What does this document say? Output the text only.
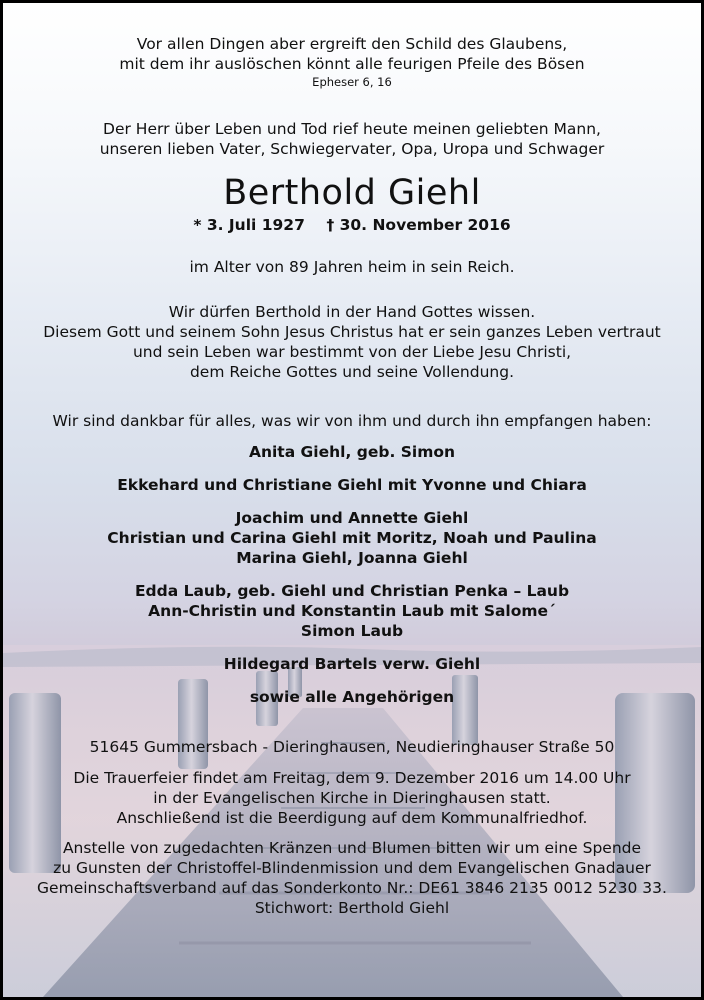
Vor allen Dingen aber ergreift den Schild des Glaubens,

mit dem ihr auslöschen könnt alle feurigen Pfeile des Bösen

Epheser 6, 16

Der Herr über Leben und Tod rief heute meinen geliebten Mann,

unseren lieben Vater, Schwiegervater, Opa, Uropa und Schwager

Berthold Giehl

* 3. Juli 1927    † 30. November 2016

im Alter von 89 Jahren heim in sein Reich.

Wir dürfen Berthold in der Hand Gottes wissen.

Diesem Gott und seinem Sohn Jesus Christus hat er sein ganzes Leben vertraut

und sein Leben war bestimmt von der Liebe Jesu Christi,

dem Reiche Gottes und seine Vollendung.

Wir sind dankbar für alles, was wir von ihm und durch ihn empfangen haben:

Anita Giehl, geb. Simon

Ekkehard und Christiane Giehl mit Yvonne und Chiara

Joachim und Annette Giehl

Christian und Carina Giehl mit Moritz, Noah und Paulina

Marina Giehl, Joanna Giehl

Edda Laub, geb. Giehl und Christian Penka – Laub

Ann-Christin und Konstantin Laub mit Salome´

Simon Laub

Hildegard Bartels verw. Giehl

sowie alle Angehörigen

51645 Gummersbach - Dieringhausen, Neudieringhauser Straße 50

Die Trauerfeier findet am Freitag, dem 9. Dezember 2016 um 14.00 Uhr

in der Evangelischen Kirche in Dieringhausen statt.

Anschließend ist die Beerdigung auf dem Kommunalfriedhof.

Anstelle von zugedachten Kränzen und Blumen bitten wir um eine Spende

zu Gunsten der Christoffel-Blindenmission und dem Evangelischen Gnadauer

Gemeinschaftsverband auf das Sonderkonto Nr.: DE61 3846 2135 0012 5230 33.

Stichwort: Berthold Giehl
